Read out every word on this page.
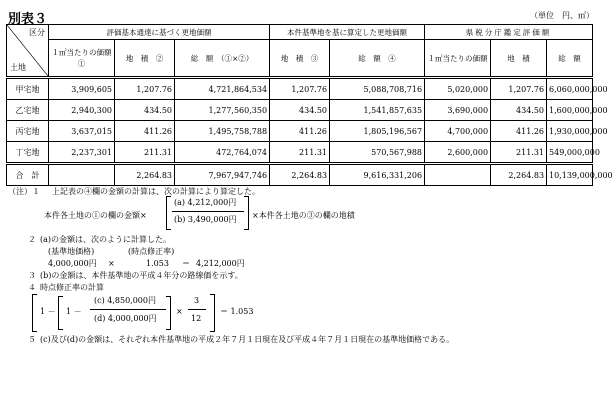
別表３	（単位　円、㎡）
区分
土地	評価基本通達に基づく更地価額			本件基準地を基に算定した更地価額		県税分庁鑑定評価額		
	１㎡当たりの価額　①	地　積　②	総　額　（①×②）	地　積　③	総　額　④	１㎡当たりの価額	地　積	総　額
甲宅地	3,909,605	1,207.76	4,721,864,534	1,207.76	5,088,708,716	5,020,000	1,207.76	6,060,000,000
乙宅地	2,940,300	434.50	1,277,560,350	434.50	1,541,857,635	3,690,000	434.50	1,600,000,000
丙宅地	3,637,015	411.26	1,495,758,788	411.26	1,805,196,567	4,700,000	411.26	1,930,000,000
丁宅地	2,237,301	211.31	472,764,074	211.31	570,567,988	2,600,000	211.31	549,000,000
合　計		2,264.83	7,967,947,746	2,264.83	9,616,331,206		2,264.83	10,139,000,000
（注）１ 上記表の④欄の金額の計算は、次の計算により算定した。
本件各土地の①の欄の金額×
(a) 4,212,000円
(b) 3,490,000円 ×本件各土地の③の欄の地積
２ (a)の金額は、次のように計算した。
(基準地価格)	(時点修正率)
4,000,000円 ×	1.053 ＝ 4,212,000円
３ (b)の金額は、本件基準地の平成４年分の路線価を示す。
４ 時点修正率の計算
1 － 1 －
(c) 4,850,000円
(d) 4,000,000円
×
3
12
＝ 1.053
５ (c)及び(d)の金額は、それぞれ本件基準地の平成２年７月１日現在及び平成４年７月１日現在の基準地価格である。
